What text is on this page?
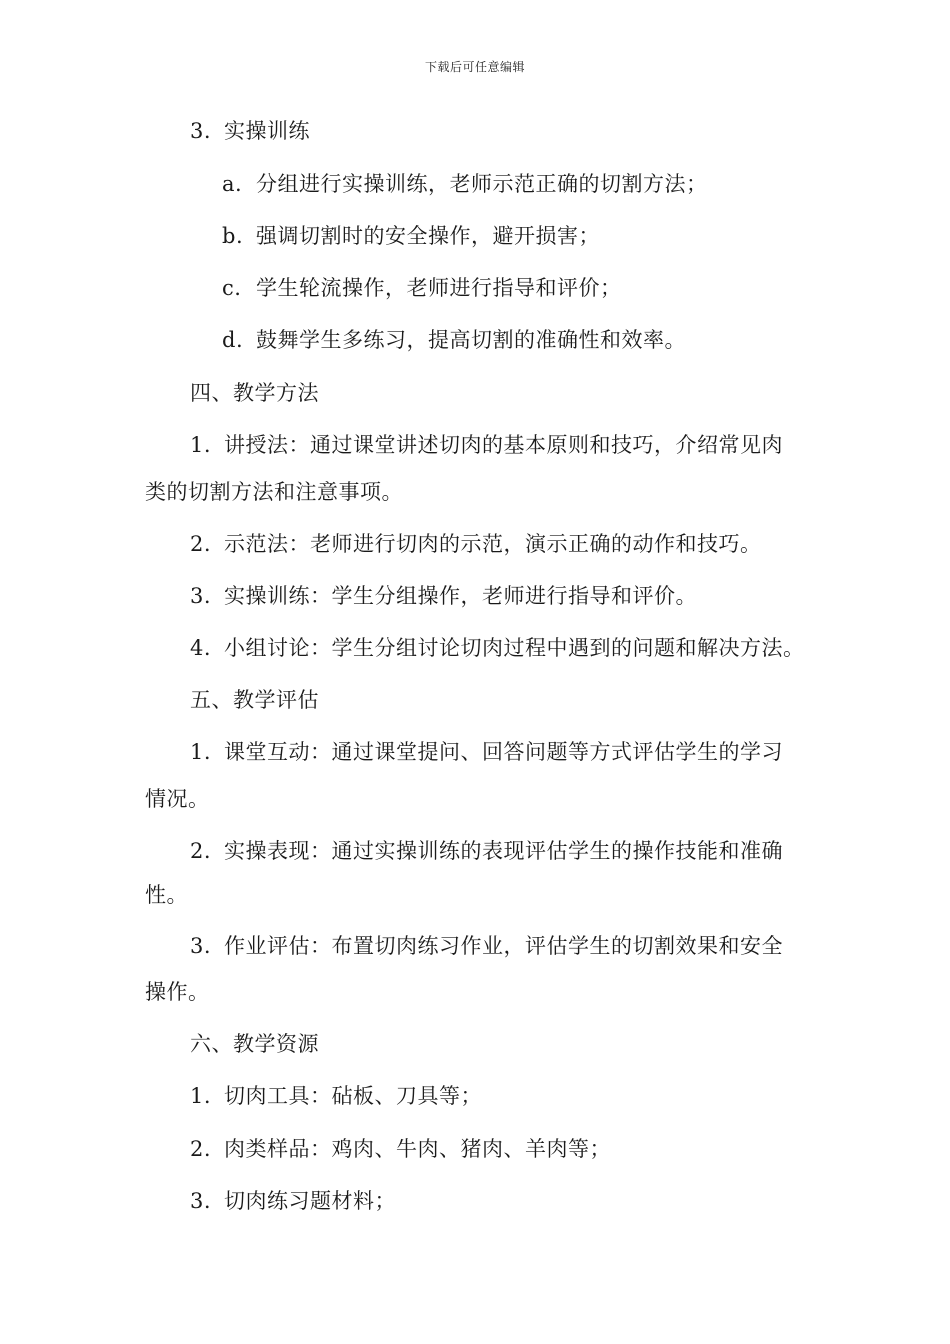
下载后可任意编辑
3. 实操训练
a. 分组进行实操训练，老师示范正确的切割方法；
b. 强调切割时的安全操作，避开损害；
c. 学生轮流操作，老师进行指导和评价；
d. 鼓舞学生多练习，提高切割的准确性和效率。
四、教学方法
1. 讲授法：通过课堂讲述切肉的基本原则和技巧，介绍常见肉
类的切割方法和注意事项。
2. 示范法：老师进行切肉的示范，演示正确的动作和技巧。
3. 实操训练：学生分组操作，老师进行指导和评价。
4. 小组讨论：学生分组讨论切肉过程中遇到的问题和解决方法。
五、教学评估
1. 课堂互动：通过课堂提问、回答问题等方式评估学生的学习
情况。
2. 实操表现：通过实操训练的表现评估学生的操作技能和准确
性。
3. 作业评估：布置切肉练习作业，评估学生的切割效果和安全
操作。
六、教学资源
1. 切肉工具：砧板、刀具等；
2. 肉类样品：鸡肉、牛肉、猪肉、羊肉等；
3. 切肉练习题材料；
